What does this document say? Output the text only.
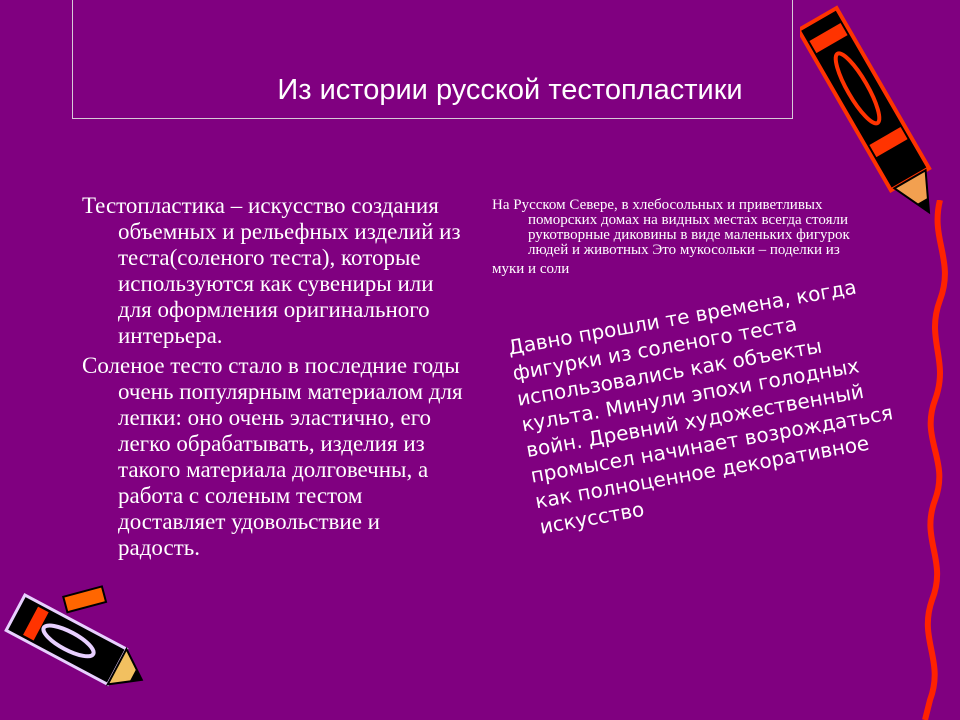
Из истории русской тестопластики

Тестопластика – искусство создания объемных и рельефных изделий из теста(соленого теста), которые используются как сувениры или для оформления оригинального интерьера.

Соленое тесто стало в последние годы очень популярным материалом для лепки: оно очень эластично, его легко обрабатывать, изделия из такого материала долговечны, а работа с соленым тестом доставляет удовольствие и радость.

На Русском Севере, в хлебосольных и приветливых поморских домах на видных местах всегда стояли рукотворные диковины в виде маленьких фигурок людей и животных Это мукосольки – поделки из

муки и соли

Давно прошли те времена, когда фигурки из соленого теста использовались как объекты культа. Минули эпохи голодных войн. Древний художественный промысел начинает возрождаться как полноценное декоративное искусство
